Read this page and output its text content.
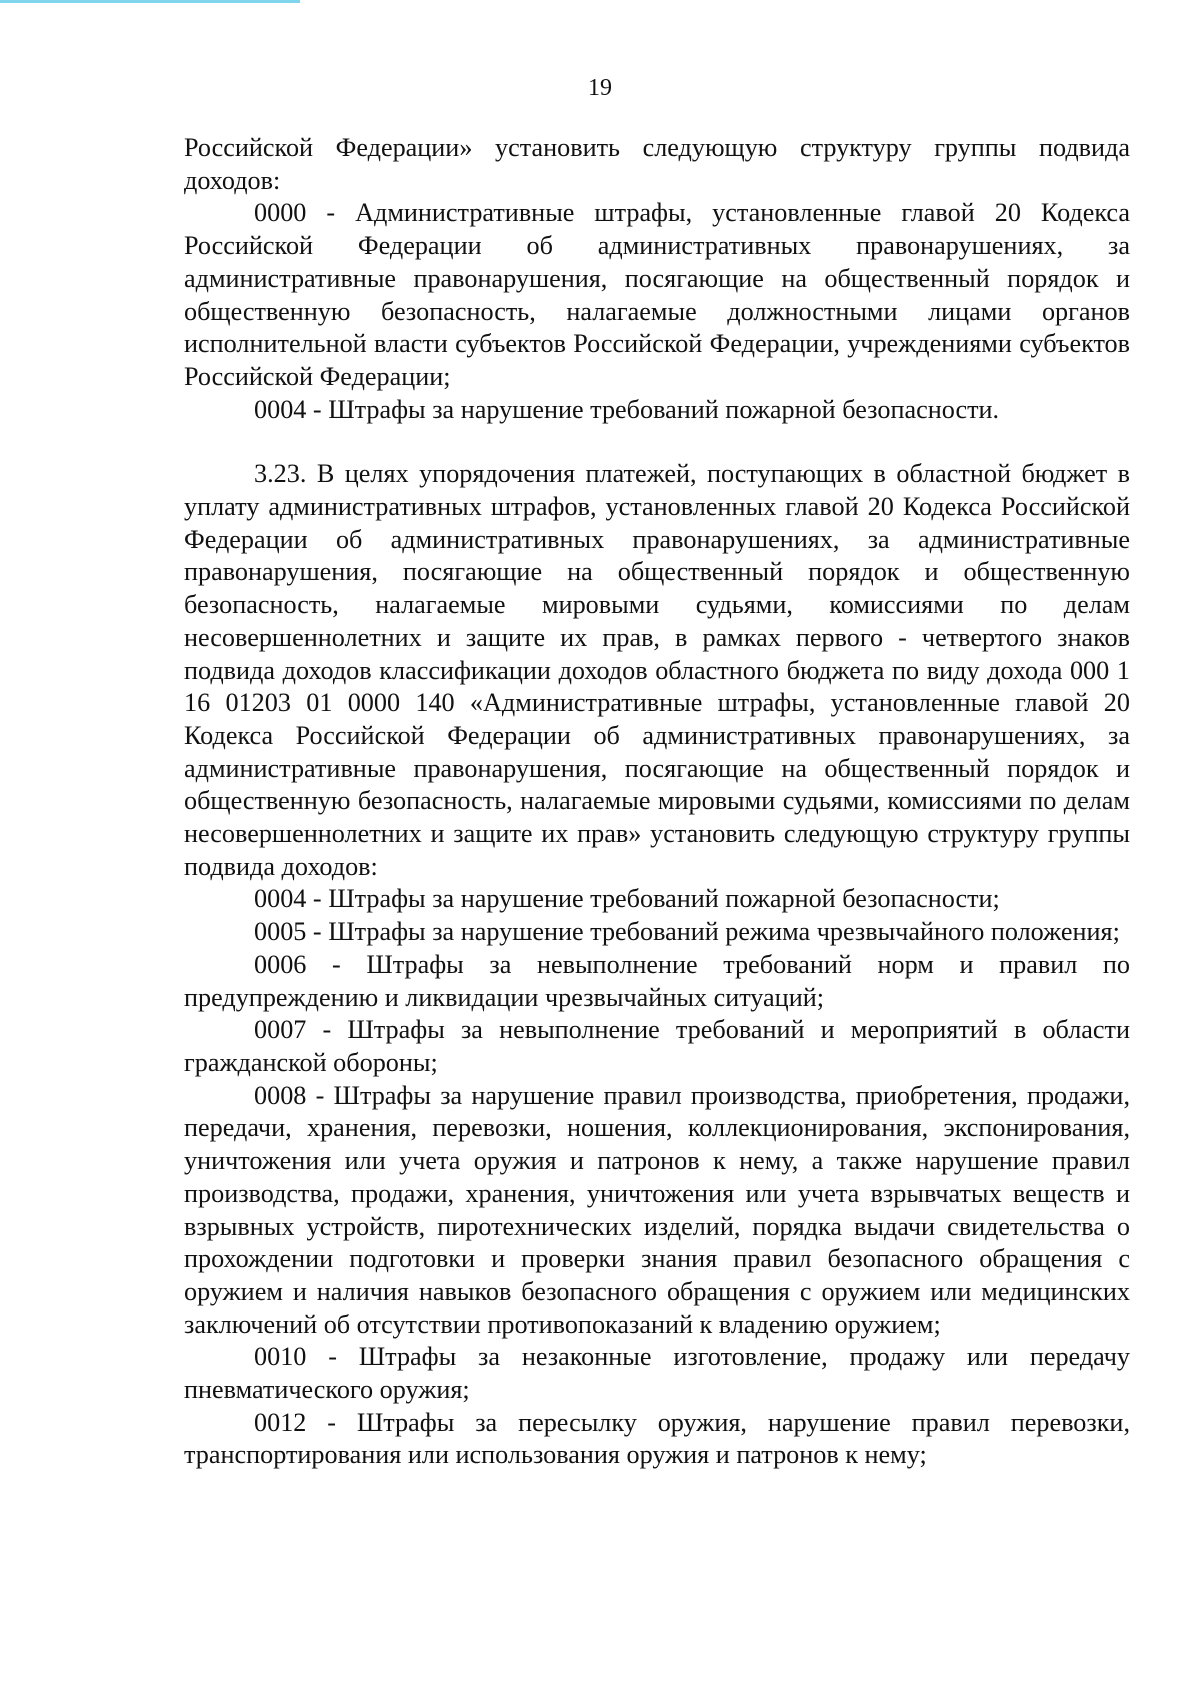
19

Российской Федерации» установить следующую структуру группы подвида доходов:

0000 - Административные штрафы, установленные главой 20 Кодекса Российской Федерации об административных правонарушениях, за административные правонарушения, посягающие на общественный порядок и общественную безопасность, налагаемые должностными лицами органов исполнительной власти субъектов Российской Федерации, учреждениями субъектов Российской Федерации;

0004 - Штрафы за нарушение требований пожарной безопасности.

3.23. В целях упорядочения платежей, поступающих в областной бюджет в уплату административных штрафов, установленных главой 20 Кодекса Российской Федерации об административных правонарушениях, за административные правонарушения, посягающие на общественный порядок и общественную безопасность, налагаемые мировыми судьями, комиссиями по делам несовершеннолетних и защите их прав, в рамках первого - четвертого знаков подвида доходов классификации доходов областного бюджета по виду дохода 000 1 16 01203 01 0000 140 «Административные штрафы, установленные главой 20 Кодекса Российской Федерации об административных правонарушениях, за административные правонарушения, посягающие на общественный порядок и общественную безопасность, налагаемые мировыми судьями, комиссиями по делам несовершеннолетних и защите их прав» установить следующую структуру группы подвида доходов:

0004 - Штрафы за нарушение требований пожарной безопасности;

0005 - Штрафы за нарушение требований режима чрезвычайного положения;

0006 - Штрафы за невыполнение требований норм и правил по предупреждению и ликвидации чрезвычайных ситуаций;

0007 - Штрафы за невыполнение требований и мероприятий в области гражданской обороны;

0008 - Штрафы за нарушение правил производства, приобретения, продажи, передачи, хранения, перевозки, ношения, коллекционирования, экспонирования, уничтожения или учета оружия и патронов к нему, а также нарушение правил производства, продажи, хранения, уничтожения или учета взрывчатых веществ и взрывных устройств, пиротехнических изделий, порядка выдачи свидетельства о прохождении подготовки и проверки знания правил безопасного обращения с оружием и наличия навыков безопасного обращения с оружием или медицинских заключений об отсутствии противопоказаний к владению оружием;

0010 - Штрафы за незаконные изготовление, продажу или передачу пневматического оружия;

0012 - Штрафы за пересылку оружия, нарушение правил перевозки, транспортирования или использования оружия и патронов к нему;
